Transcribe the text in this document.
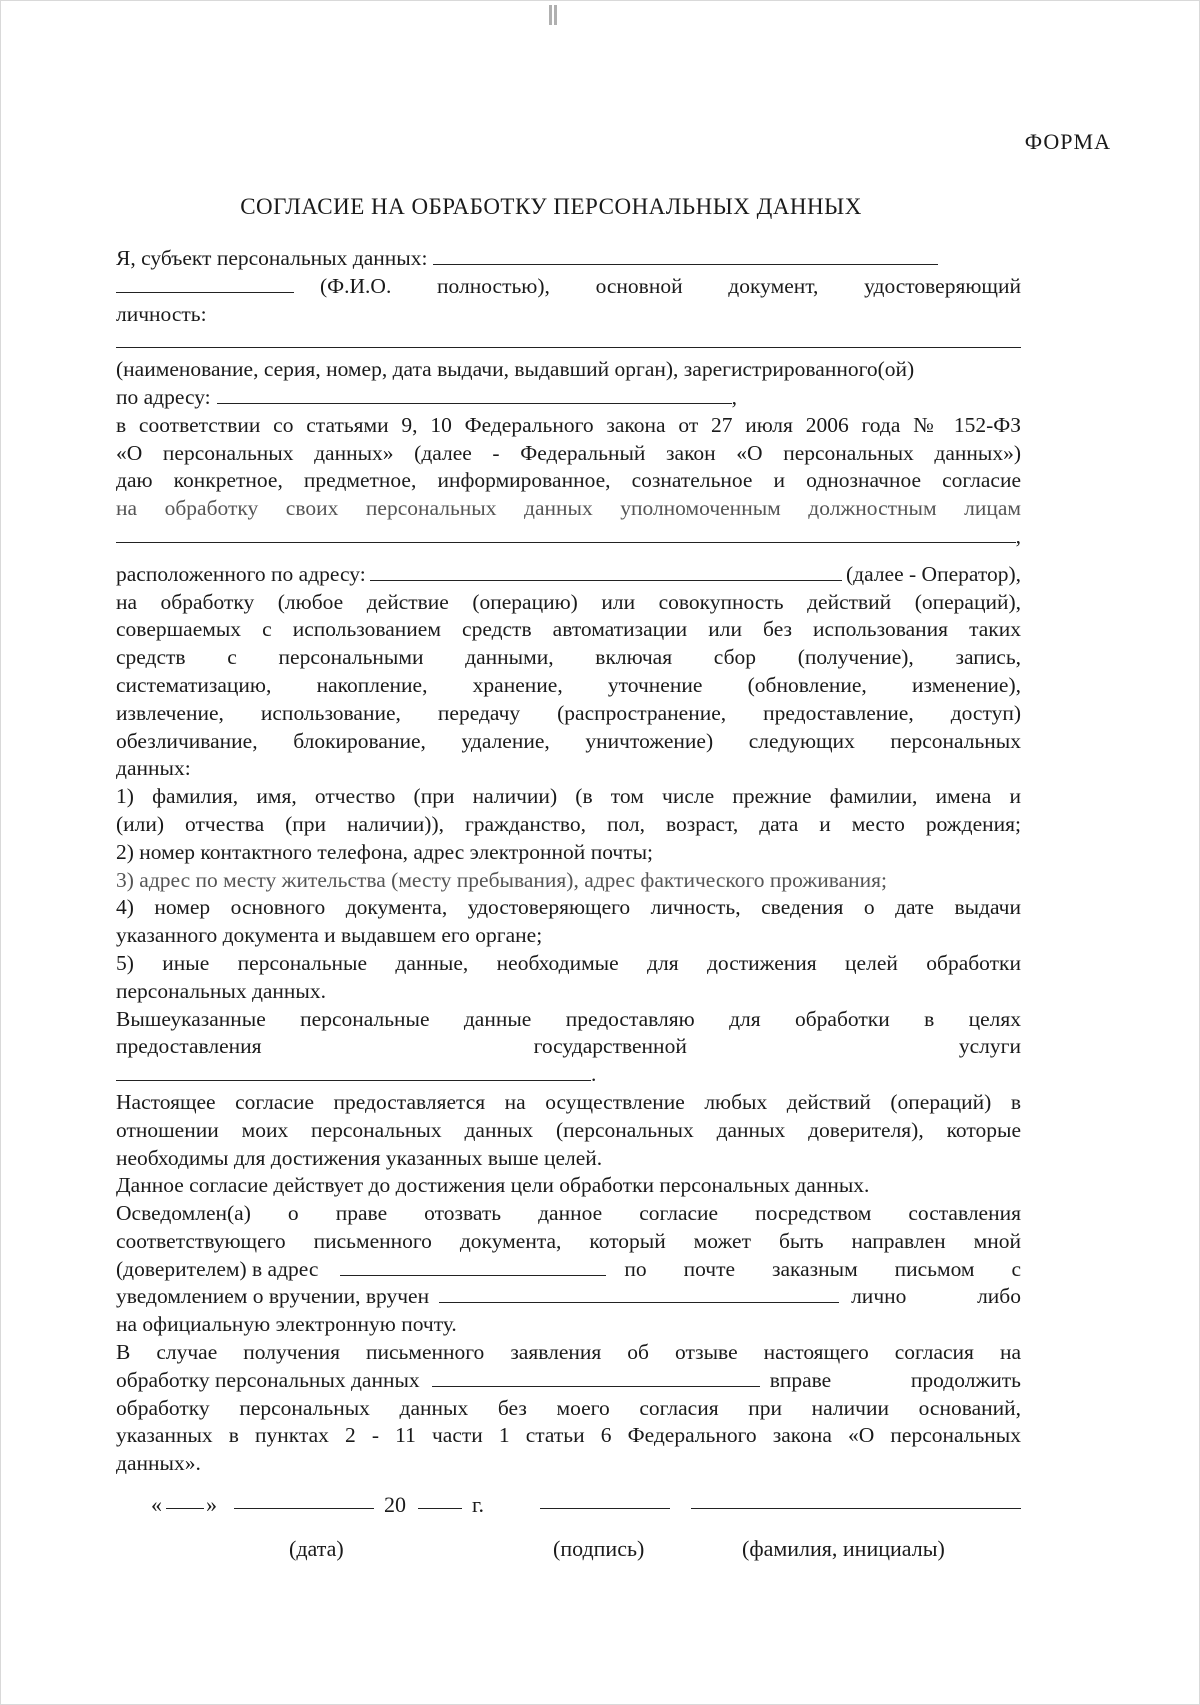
ФОРМА
СОГЛАСИЕ НА ОБРАБОТКУ ПЕРСОНАЛЬНЫХ ДАННЫХ
Я, субъект персональных данных:
(Ф.И.О. полностью), основной документ, удостоверяющий
личность:
(наименование, серия, номер, дата выдачи, выдавший орган), зарегистрированного(ой)
по адресу:	,
в соответствии со статьями 9, 10 Федерального закона от 27 июля 2006 года № 152-ФЗ
«О персональных данных» (далее - Федеральный закон «О персональных данных»)
даю конкретное, предметное, информированное, сознательное и однозначное согласие
на обработку своих персональных данных уполномоченным должностным лицам
,
расположенного по адресу:	(далее - Оператор),
на обработку (любое действие (операцию) или совокупность действий (операций),
совершаемых с использованием средств автоматизации или без использования таких
средств с персональными данными, включая сбор (получение), запись,
систематизацию, накопление, хранение, уточнение (обновление, изменение),
извлечение, использование, передачу (распространение, предоставление, доступ)
обезличивание, блокирование, удаление, уничтожение) следующих персональных
данных:
1) фамилия, имя, отчество (при наличии) (в том числе прежние фамилии, имена и
(или) отчества (при наличии)), гражданство, пол, возраст, дата и место рождения;
2) номер контактного телефона, адрес электронной почты;
3) адрес по месту жительства (месту пребывания), адрес фактического проживания;
4) номер основного документа, удостоверяющего личность, сведения о дате выдачи
указанного документа и выдавшем его органе;
5) иные персональные данные, необходимые для достижения целей обработки
персональных данных.
Вышеуказанные персональные данные предоставляю для обработки в целях
предоставления государственной услуги
.
Настоящее согласие предоставляется на осуществление любых действий (операций) в
отношении моих персональных данных (персональных данных доверителя), которые
необходимы для достижения указанных выше целей.
Данное согласие действует до достижения цели обработки персональных данных.
Осведомлен(а) о праве отозвать данное согласие посредством составления
соответствующего письменного документа, который может быть направлен мной
(доверителем) в адрес	по почте заказным письмом с
уведомлением о вручении, вручен	лично либо
на официальную электронную почту.
В случае получения письменного заявления об отзыве настоящего согласия на
обработку персональных данных	вправе продолжить
обработку персональных данных без моего согласия при наличии оснований,
указанных в пунктах 2 - 11 части 1 статьи 6 Федерального закона «О персональных
данных».
« »	20	г.
(дата)	(подпись)	(фамилия, инициалы)
